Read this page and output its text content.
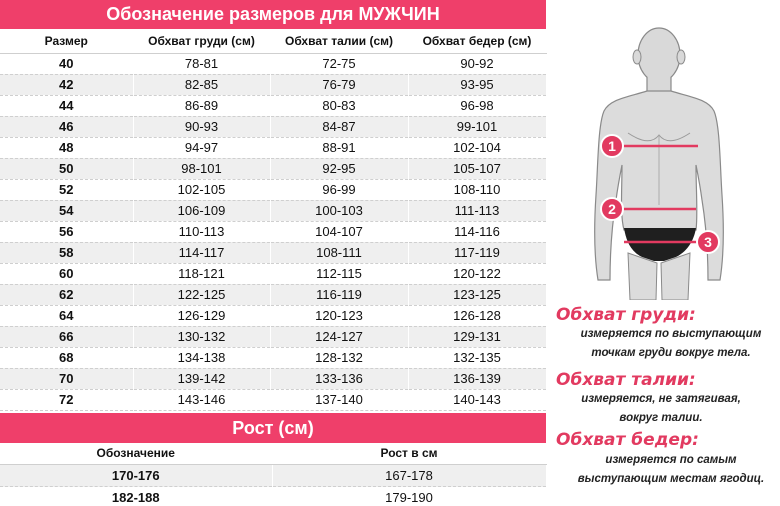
Обозначение размеров для МУЖЧИН
Размер	Обхват груди (см)	Обхват талии (см)	Обхват бедер (см)
40	78-81	72-75	90-92
42	82-85	76-79	93-95
44	86-89	80-83	96-98
46	90-93	84-87	99-101
48	94-97	88-91	102-104
50	98-101	92-95	105-107
52	102-105	96-99	108-110
54	106-109	100-103	111-113
56	110-113	104-107	114-116
58	114-117	108-111	117-119
60	118-121	112-115	120-122
62	122-125	116-119	123-125
64	126-129	120-123	126-128
66	130-132	124-127	129-131
68	134-138	128-132	132-135
70	139-142	133-136	136-139
72	143-146	137-140	140-143
Рост (см)
Обозначение	Рост в см
170-176	167-178
182-188	179-190
1
2
3
Обхват груди:
измеряется по выступающим
точкам груди вокруг тела.
Обхват талии:
измеряется, не затягивая,
вокруг талии.
Обхват бедер:
измеряется по самым
выступающим местам ягодиц.
